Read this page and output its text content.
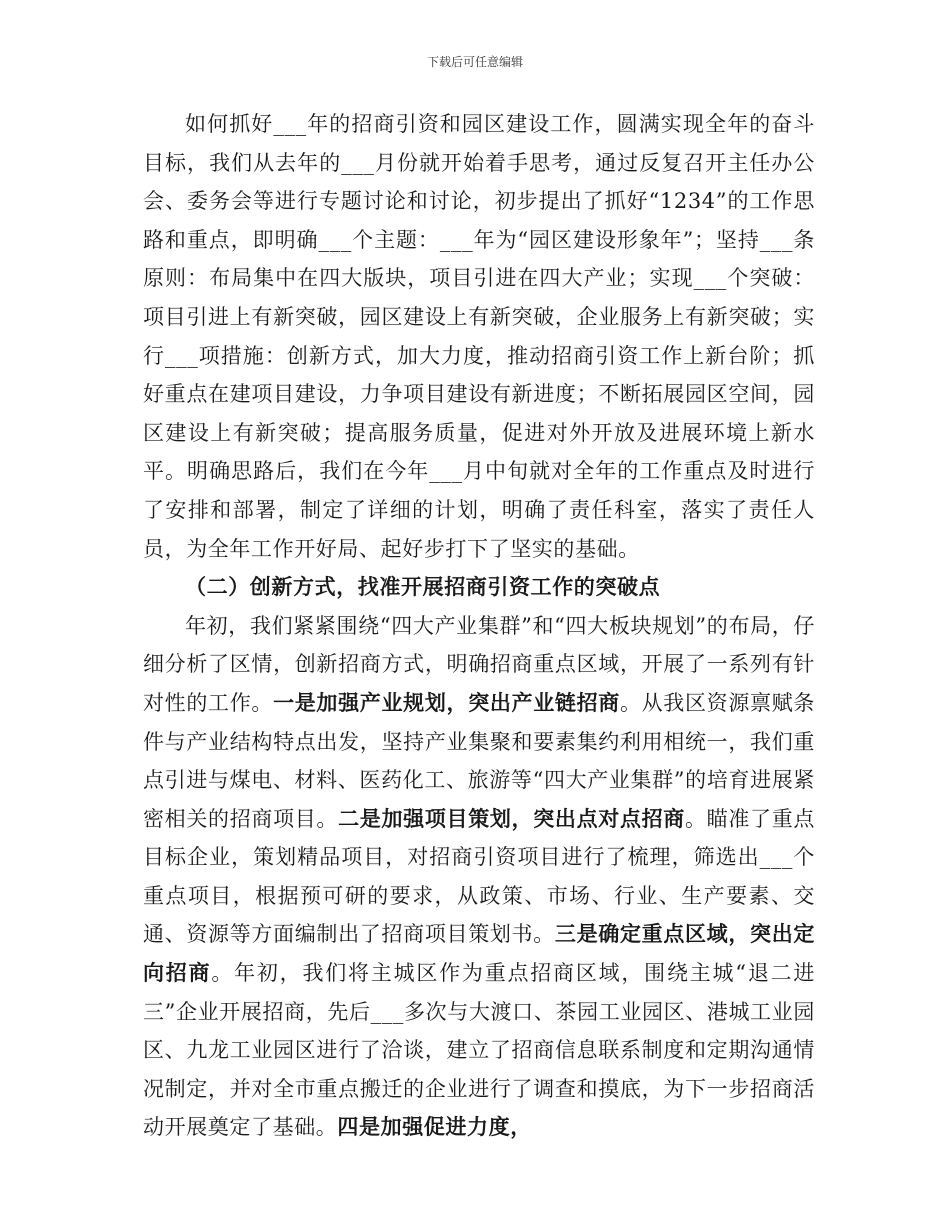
下载后可任意编辑

如何抓好___年的招商引资和园区建设工作，圆满实现全年的奋斗目标，我们从去年的___月份就开始着手思考，通过反复召开主任办公会、委务会等进行专题讨论和讨论，初步提出了抓好“1234”的工作思路和重点，即明确___个主题：___年为“园区建设形象年”；坚持___条原则：布局集中在四大版块，项目引进在四大产业；实现___个突破：项目引进上有新突破，园区建设上有新突破，企业服务上有新突破；实行___项措施：创新方式，加大力度，推动招商引资工作上新台阶；抓好重点在建项目建设，力争项目建设有新进度；不断拓展园区空间，园区建设上有新突破；提高服务质量，促进对外开放及进展环境上新水平。明确思路后，我们在今年___月中旬就对全年的工作重点及时进行了安排和部署，制定了详细的计划，明确了责任科室，落实了责任人员，为全年工作开好局、起好步打下了坚实的基础。

（二）创新方式，找准开展招商引资工作的突破点

年初，我们紧紧围绕“四大产业集群”和“四大板块规划”的布局，仔细分析了区情，创新招商方式，明确招商重点区域，开展了一系列有针对性的工作。一是加强产业规划，突出产业链招商。从我区资源禀赋条件与产业结构特点出发，坚持产业集聚和要素集约利用相统一，我们重点引进与煤电、材料、医药化工、旅游等“四大产业集群”的培育进展紧密相关的招商项目。二是加强项目策划，突出点对点招商。瞄准了重点目标企业，策划精品项目，对招商引资项目进行了梳理，筛选出___个重点项目，根据预可研的要求，从政策、市场、行业、生产要素、交通、资源等方面编制出了招商项目策划书。三是确定重点区域，突出定向招商。年初，我们将主城区作为重点招商区域，围绕主城“退二进三”企业开展招商，先后___多次与大渡口、茶园工业园区、港城工业园区、九龙工业园区进行了洽谈，建立了招商信息联系制度和定期沟通情况制定，并对全市重点搬迁的企业进行了调查和摸底，为下一步招商活动开展奠定了基础。四是加强促进力度，
